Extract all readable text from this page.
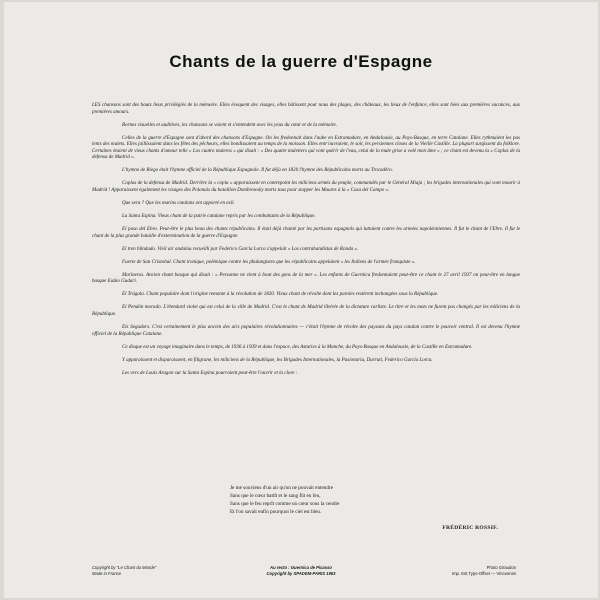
Chants de la guerre d'Espagne

LES chansons sont des hauts lieux privilégiés de la mémoire. Elles évoquent des visages, elles bâtissent pour nous des plages, des châteaux, les lieux de l'enfance, elles sont liées aux premières vacances, aux premières amours.

Bornes visuelles et auditives, les chansons se voient et s'entendent avec les yeux du cœur et de la mémoire.

Celles de la guerre d'Espagne sont d'abord des chansons d'Espagne. On les fredonnait dans l'aube en Estramadure, en Andalousie, au Pays-Basque, en terre Catalane. Elles rythmaient les pas lents des mulets. Elles jaillissaient dans les fêtes des pêcheurs, elles bondissaient au temps de la moisson. Elles entr'ouvraient, le soir, les persiennes closes de la Vieille Castille. La plupart surgissent du folklore. Certaines étaient de vieux chants d'amour telle « Los cuatro muleros » qui disait : « Des quatre muletiers qui vont quérir de l'eau, celui de la mule grise a volé mon âme » ; ce chant est devenu la « Coplas de la defensa de Madrid ».

L'hymne de Riego était l'hymne officiel de la République Espagnole. Il fut déjà en 1820 l'hymne des Républicains morts au Trocadéro.

Coplas de la defensa de Madrid. Derrière la « copla » apparaissent en contrepoint les miliciens armés du peuple, commandés par le Général Miaja ; les brigades internationales qui vont mourir à Madrid ! Apparaissent également les visages des Polonais du bataillon Dombrowsky morts tous pour stopper les Maures à la « Casa del Campo ».

Que sera ? Que les marins catalans ont apporté en exil.

La Santa Espina. Vieux chant de la patrie catalane repris par les combattants de la République.

El paso del Ebro. Peut-être le plus beau des chants républicains. Il était déjà chanté par les partisans espagnols qui luttaient contre les armées napoléoniennes. Il fut le chant de l'Ebre. Il fut le chant de la plus grande bataille d'extermination de la guerre d'Espagne.

El tren blindado. Vieil air andalou recueilli par Federico Garcia Lorca s'appelait « Los contrabandistas de Ronda ».

Fuerte de San Cristobal. Chant ironique, polémique contre les phalangistes que les républicains appelaient « les Italiens de l'armée franquiste ».

Marineros. Ancien chant basque qui disait : « Personne ne vient à bout des gens de la mer ». Les enfants de Guernica fredonnaient peut-être ce chant le 27 avril 1937 on peut-être en langue basque Euzko Gudari.

El Trágala. Chant populaire dont l'origine remonte à la révolution de 1820. Vieux chant de révolte dont les paroles restèrent inchangées sous la République.

El Pendón morado. L'étendard violet qui est celui de la ville de Madrid. C'est le chant de Madrid libérée de la dictature carliste. Le titre et les mots ne furent pas changés par les miliciens de la République.

Els Segadors. C'est certainement le plus ancien des airs populaires révolutionnaires — c'était l'hymne de révolte des paysans du pays catalan contre le pouvoir central. Il est devenu l'hymne officiel de la République Catalane.

Ce disque est un voyage imaginaire dans le temps, de 1936 à 1939 et dans l'espace, des Asturies à la Manche, du Pays-Basque en Andalousie, de la Castille en Estramadure.

Y apparaissent et disparaissent, en filigrane, les miliciens de la République, les Brigades Internationales, la Pasionaria, Durruti, Federico Garcia Lorca.

Les vers de Louis Aragon sur la Santa Espina pourraient peut-être l'ouvrir et la clore :

Je me souviens d'un air qu'on ne pouvait entendre
Sans que le cœur battît et le sang fût en feu,
Sans que le feu reprît comme un cœur sous la cendre
Et l'on savait enfin pourquoi le ciel est bleu.
FRÉDÉRIC ROSSIF.
Copyright by "Le Chant du Monde"
Made in France
Au recto : Guernica de Picasso
Copyright by SPADEM-PARIS 1963
Photo Giraudon
Imp. Est.Typo-Offset — Vincennes
